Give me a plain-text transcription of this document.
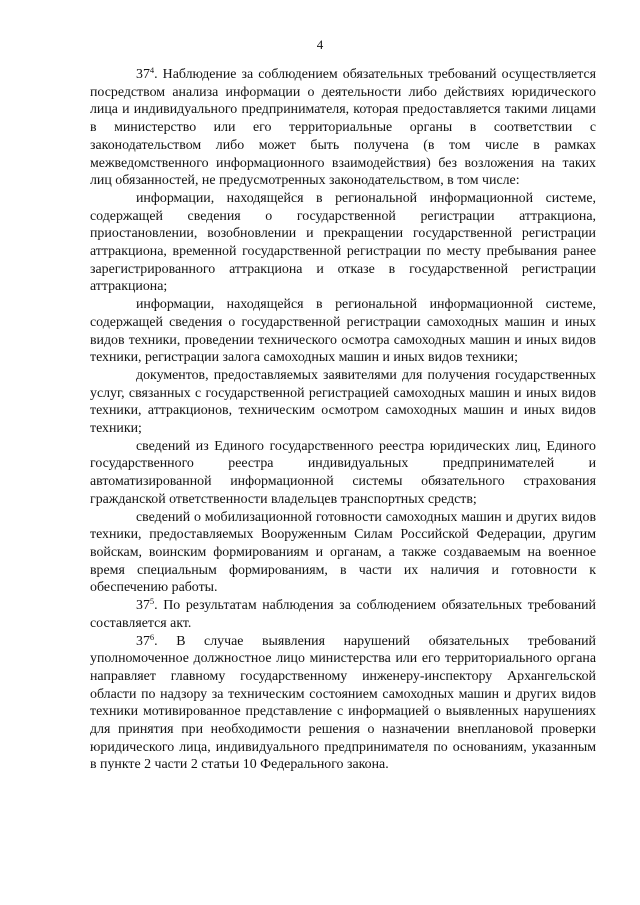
4

$37^4$. Наблюдение за соблюдением обязательных требований осуществляется посредством анализа информации о деятельности либо действиях юридического лица и индивидуального предпринимателя, которая предоставляется такими лицами в министерство или его территориальные органы в соответствии с законодательством либо может быть получена (в том числе в рамках межведомственного информационного взаимодействия) без возложения на таких лиц обязанностей, не предусмотренных законодательством, в том числе:

информации, находящейся в региональной информационной системе, содержащей сведения о государственной регистрации аттракциона, приостановлении, возобновлении и прекращении государственной регистрации аттракциона, временной государственной регистрации по месту пребывания ранее зарегистрированного аттракциона и отказе в государственной регистрации аттракциона;

информации, находящейся в региональной информационной системе, содержащей сведения о государственной регистрации самоходных машин и иных видов техники, проведении технического осмотра самоходных машин и иных видов техники, регистрации залога самоходных машин и иных видов техники;

документов, предоставляемых заявителями для получения государственных услуг, связанных с государственной регистрацией самоходных машин и иных видов техники, аттракционов, техническим осмотром самоходных машин и иных видов техники;

сведений из Единого государственного реестра юридических лиц, Единого государственного реестра индивидуальных предпринимателей и автоматизированной информационной системы обязательного страхования гражданской ответственности владельцев транспортных средств;

сведений о мобилизационной готовности самоходных машин и других видов техники, предоставляемых Вооруженным Силам Российской Федерации, другим войскам, воинским формированиям и органам, а также создаваемым на военное время специальным формированиям, в части их наличия и готовности к обеспечению работы.

$37^5$. По результатам наблюдения за соблюдением обязательных требований составляется акт.

$37^6$. В случае выявления нарушений обязательных требований уполномоченное должностное лицо министерства или его территориального органа направляет главному государственному инженеру-инспектору Архангельской области по надзору за техническим состоянием самоходных машин и других видов техники мотивированное представление с информацией о выявленных нарушениях для принятия при необходимости решения о назначении внеплановой проверки юридического лица, индивидуального предпринимателя по основаниям, указанным в пункте 2 части 2 статьи 10 Федерального закона.
